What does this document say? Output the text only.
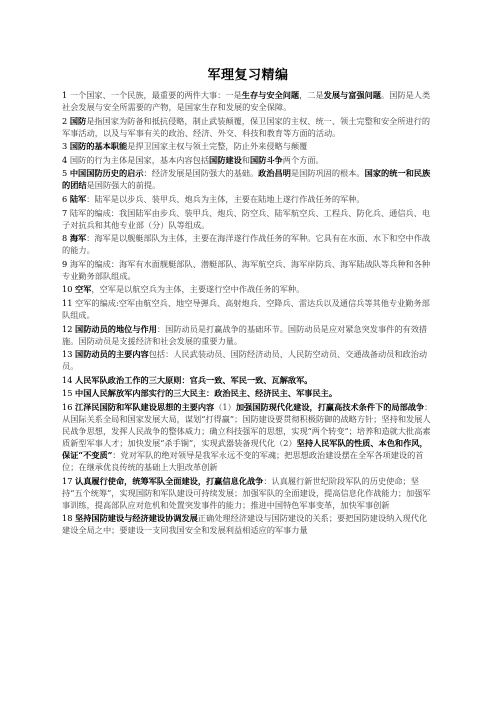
军理复习精编

1 一个国家、一个民族，最重要的两件大事：一是生存与安全问题，二是发展与富强问题。国防是人类社会发展与安全所需要的产物，是国家生存和发展的安全保障。

2 国防是指国家为防备和抵抗侵略，制止武装颠覆，保卫国家的主权、统一、领土完整和安全所进行的军事活动，以及与军事有关的政治、经济、外交、科技和教育等方面的活动。

3 国防的基本职能是捍卫国家主权与领土完整，防止外来侵略与颠覆

4 国防的行为主体是国家，基本内容包括国防建设和国防斗争两个方面。

5 中国国防历史的启示：经济发展是国防强大的基础。政治昌明是国防巩固的根本。国家的统一和民族的团结是国防强大的前提。

6 陆军：陆军是以步兵、装甲兵、炮兵为主体，主要在陆地上遂行作战任务的军种。

7 陆军的编成：我国陆军由步兵、装甲兵、炮兵、防空兵、陆军航空兵、工程兵、防化兵、通信兵、电子对抗兵和其他专业部（分）队等组成。

8 海军：海军是以舰艇部队为主体，主要在海洋遂行作战任务的军种。它具有在水面、水下和空中作战的能力。

9 海军的编成：海军有水面舰艇部队、潜艇部队、海军航空兵、海军岸防兵、海军陆战队等兵种和各种专业勤务部队组成。

10 空军，空军是以航空兵为主体，主要遂行空中作战任务的军种。

11 空军的编成:空军由航空兵、地空导弹兵、高射炮兵、空降兵、雷达兵以及通信兵等其他专业勤务部队组成。

12 国防动员的地位与作用：国防动员是打赢战争的基础环节。国防动员是应对紧急突发事件的有效措施。国防动员是支援经济和社会发展的重要力量。

13 国防动员的主要内容包括：人民武装动员、国防经济动员、人民防空动员、交通战备动员和政治动员。

14 人民军队政治工作的三大原则：官兵一致、军民一致、瓦解敌军。

15 中国人民解放军内部实行的三大民主：政治民主、经济民主、军事民主。

16 江泽民国防和军队建设思想的主要内容（1）加强国防现代化建设，打赢高技术条件下的局部战争：从国际关系全局和国家发展大局，谋划“打得赢”；国防建设要贯彻积极防御的战略方针；坚持和发展人民战争思想，发挥人民战争的整体威力；确立科技强军的思想，实现“两个转变”；培养和造就大批高素质新型军事人才；加快发展“杀手锏”，实现武器装备现代化（2）坚持人民军队的性质、本色和作风，保证“不变质”：党对军队的绝对领导是我军永远不变的军魂；把思想政治建设摆在全军各项建设的首位；在继承优良传统的基础上大胆改革创新

17 认真履行使命，统筹军队全面建设，打赢信息化战争：认真履行新世纪阶段军队的历史使命；坚持“五个统筹”，实现国防和军队建设可持续发展；加强军队的全面建设，提高信息化作战能力；加强军事训练，提高部队应对危机和处置突发事件的能力；推进中国特色军事变革，加快军事创新

18 坚持国防建设与经济建设协调发展正确处理经济建设与国防建设的关系；要把国防建设纳入现代化建设全局之中；要建设一支同我国安全和发展利益相适应的军事力量
